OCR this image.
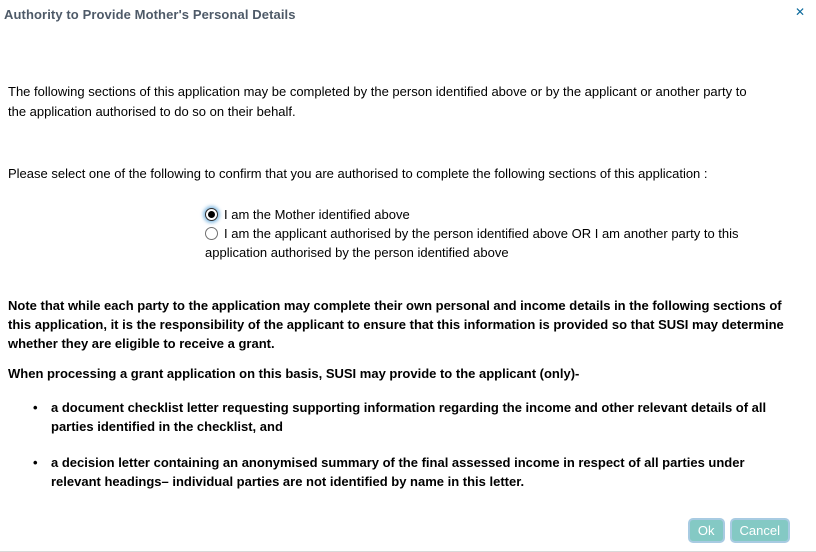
Authority to Provide Mother's Personal Details	✕

The following sections of this application may be completed by the person identified above or by the applicant or another party to the application authorised to do so on their behalf.

Please select one of the following to confirm that you are authorised to complete the following sections of this application :

I am the Mother identified above
I am the applicant authorised by the person identified above OR I am another party to this application authorised by the person identified above

Note that while each party to the application may complete their own personal and income details in the following sections of this application, it is the responsibility of the applicant to ensure that this information is provided so that SUSI may determine whether they are eligible to receive a grant.

When processing a grant application on this basis, SUSI may provide to the applicant (only)-

• a document checklist letter requesting supporting information regarding the income and other relevant details of all parties identified in the checklist, and
• a decision letter containing an anonymised summary of the final assessed income in respect of all parties under relevant headings– individual parties are not identified by name in this letter.
Ok	Cancel
